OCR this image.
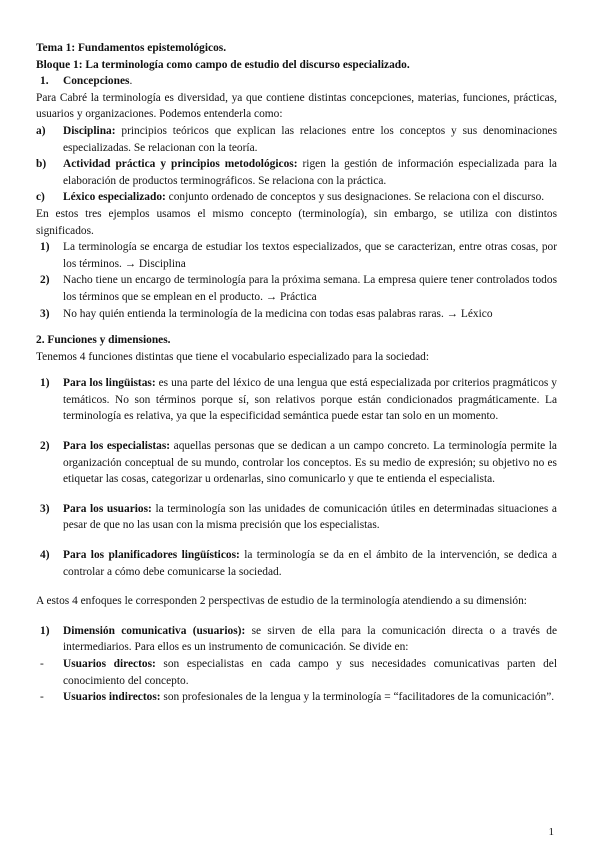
Tema 1: Fundamentos epistemológicos.

Bloque 1: La terminología como campo de estudio del discurso especializado.

1. Concepciones.

Para Cabré la terminología es diversidad, ya que contiene distintas concepciones, materias, funciones, prácticas, usuarios y organizaciones. Podemos entenderla como:

a) Disciplina: principios teóricos que explican las relaciones entre los conceptos y sus denominaciones especializadas. Se relacionan con la teoría.
b) Actividad práctica y principios metodológicos: rigen la gestión de información especializada para la elaboración de productos terminográficos. Se relaciona con la práctica.
c) Léxico especializado: conjunto ordenado de conceptos y sus designaciones. Se relaciona con el discurso.

En estos tres ejemplos usamos el mismo concepto (terminología), sin embargo, se utiliza con distintos significados.

1) La terminología se encarga de estudiar los textos especializados, que se caracterizan, entre otras cosas, por los términos. → Disciplina
2) Nacho tiene un encargo de terminología para la próxima semana. La empresa quiere tener controlados todos los términos que se emplean en el producto. → Práctica
3) No hay quién entienda la terminología de la medicina con todas esas palabras raras. → Léxico

2. Funciones y dimensiones.

Tenemos 4 funciones distintas que tiene el vocabulario especializado para la sociedad:

1) Para los lingüistas: es una parte del léxico de una lengua que está especializada por criterios pragmáticos y temáticos. No son términos porque sí, son relativos porque están condicionados pragmáticamente. La terminología es relativa, ya que la especificidad semántica puede estar tan solo en un momento.
2) Para los especialistas: aquellas personas que se dedican a un campo concreto. La terminología permite la organización conceptual de su mundo, controlar los conceptos. Es su medio de expresión; su objetivo no es etiquetar las cosas, categorizar u ordenarlas, sino comunicarlo y que te entienda el especialista.
3) Para los usuarios: la terminología son las unidades de comunicación útiles en determinadas situaciones a pesar de que no las usan con la misma precisión que los especialistas.
4) Para los planificadores lingüísticos: la terminología se da en el ámbito de la intervención, se dedica a controlar a cómo debe comunicarse la sociedad.

A estos 4 enfoques le corresponden 2 perspectivas de estudio de la terminología atendiendo a su dimensión:

1) Dimensión comunicativa (usuarios): se sirven de ella para la comunicación directa o a través de intermediarios. Para ellos es un instrumento de comunicación. Se divide en:
- Usuarios directos: son especialistas en cada campo y sus necesidades comunicativas parten del conocimiento del concepto.
- Usuarios indirectos: son profesionales de la lengua y la terminología = “facilitadores de la comunicación”.
1
